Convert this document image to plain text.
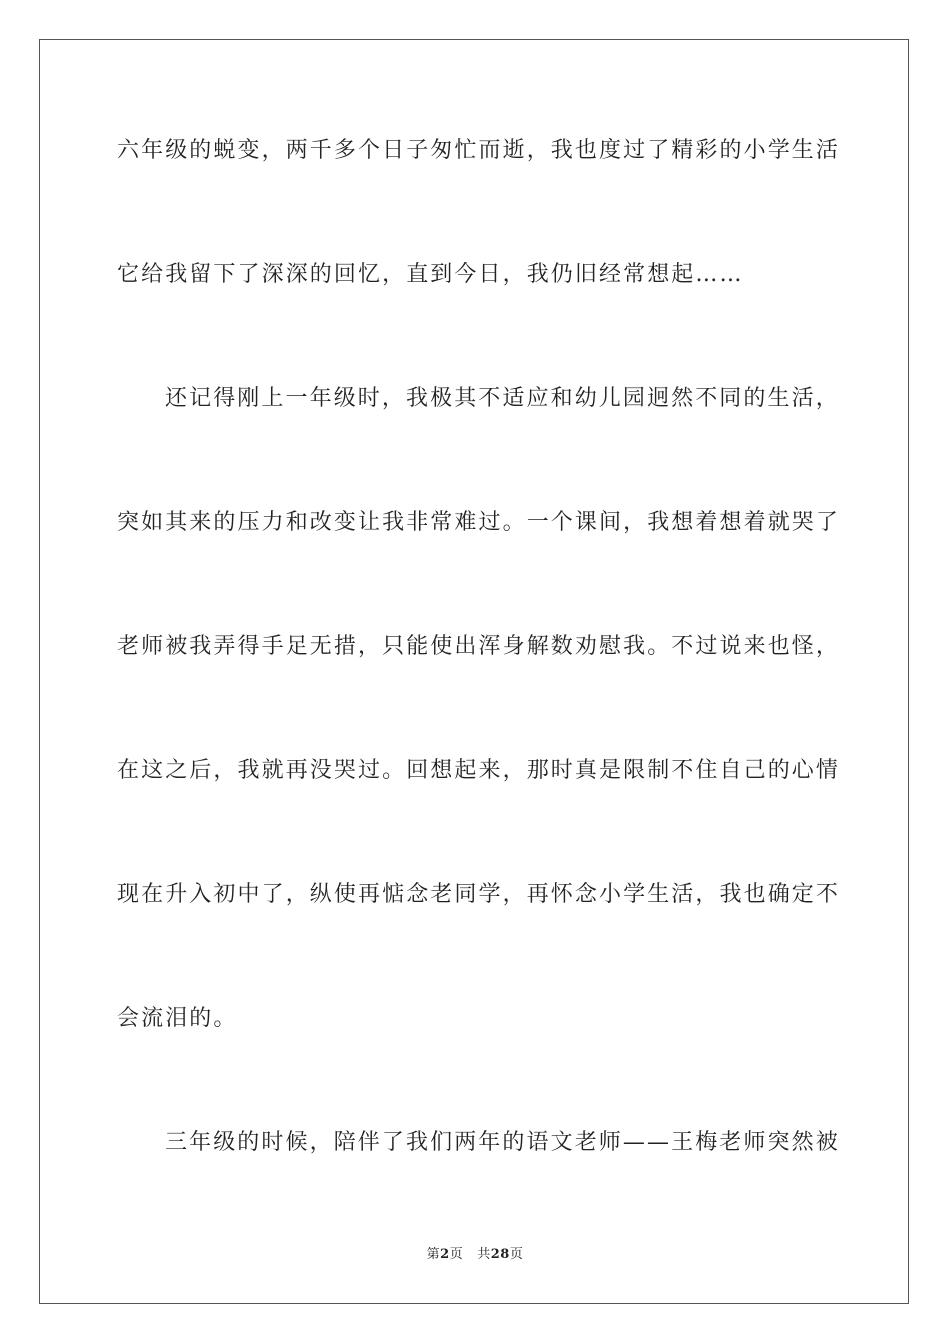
六年级的蜕变，两千多个日子匆忙而逝，我也度过了精彩的小学生活
它给我留下了深深的回忆，直到今日，我仍旧经常想起……
还记得刚上一年级时，我极其不适应和幼儿园迥然不同的生活，
突如其来的压力和改变让我非常难过。一个课间，我想着想着就哭了
老师被我弄得手足无措，只能使出浑身解数劝慰我。不过说来也怪，
在这之后，我就再没哭过。回想起来，那时真是限制不住自己的心情
现在升入初中了，纵使再惦念老同学，再怀念小学生活，我也确定不
会流泪的。
三年级的时候，陪伴了我们两年的语文老师——王梅老师突然被
第2页 共28页
